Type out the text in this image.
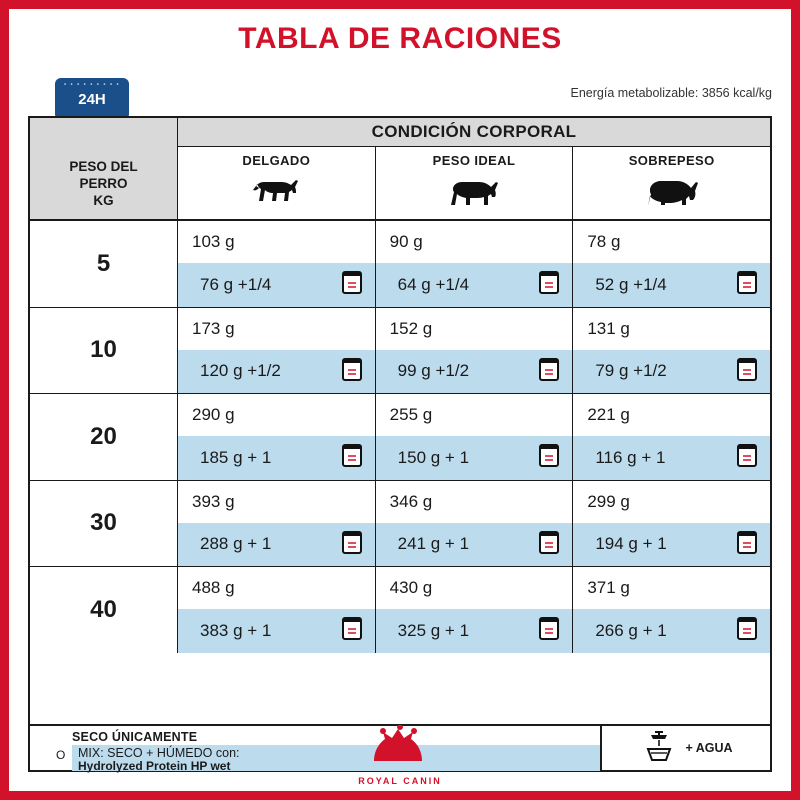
TABLA DE RACIONES
Energía metabolizable: 3856 kcal/kg
• • • • • • • • •
24H
CONDICIÓN CORPORAL
PESO DEL
PERRO
KG
DELGADO	PESO IDEAL	SOBREPESO
5
103 g
76 g +1/4
90 g
64 g +1/4
78 g
52 g +1/4
10
173 g
120 g +1/2
152 g
99 g +1/2
131 g
79 g +1/2
20
290 g
185 g + 1
255 g
150 g + 1
221 g
116 g + 1
30
393 g
288 g + 1
346 g
241 g + 1
299 g
194 g + 1
40
488 g
383 g + 1
430 g
325 g + 1
371 g
266 g + 1
SECO ÚNICAMENTE
O MIX: SECO + HÚMEDO con:
Hydrolyzed Protein HP wet
+ AGUA
ROYAL CANIN
